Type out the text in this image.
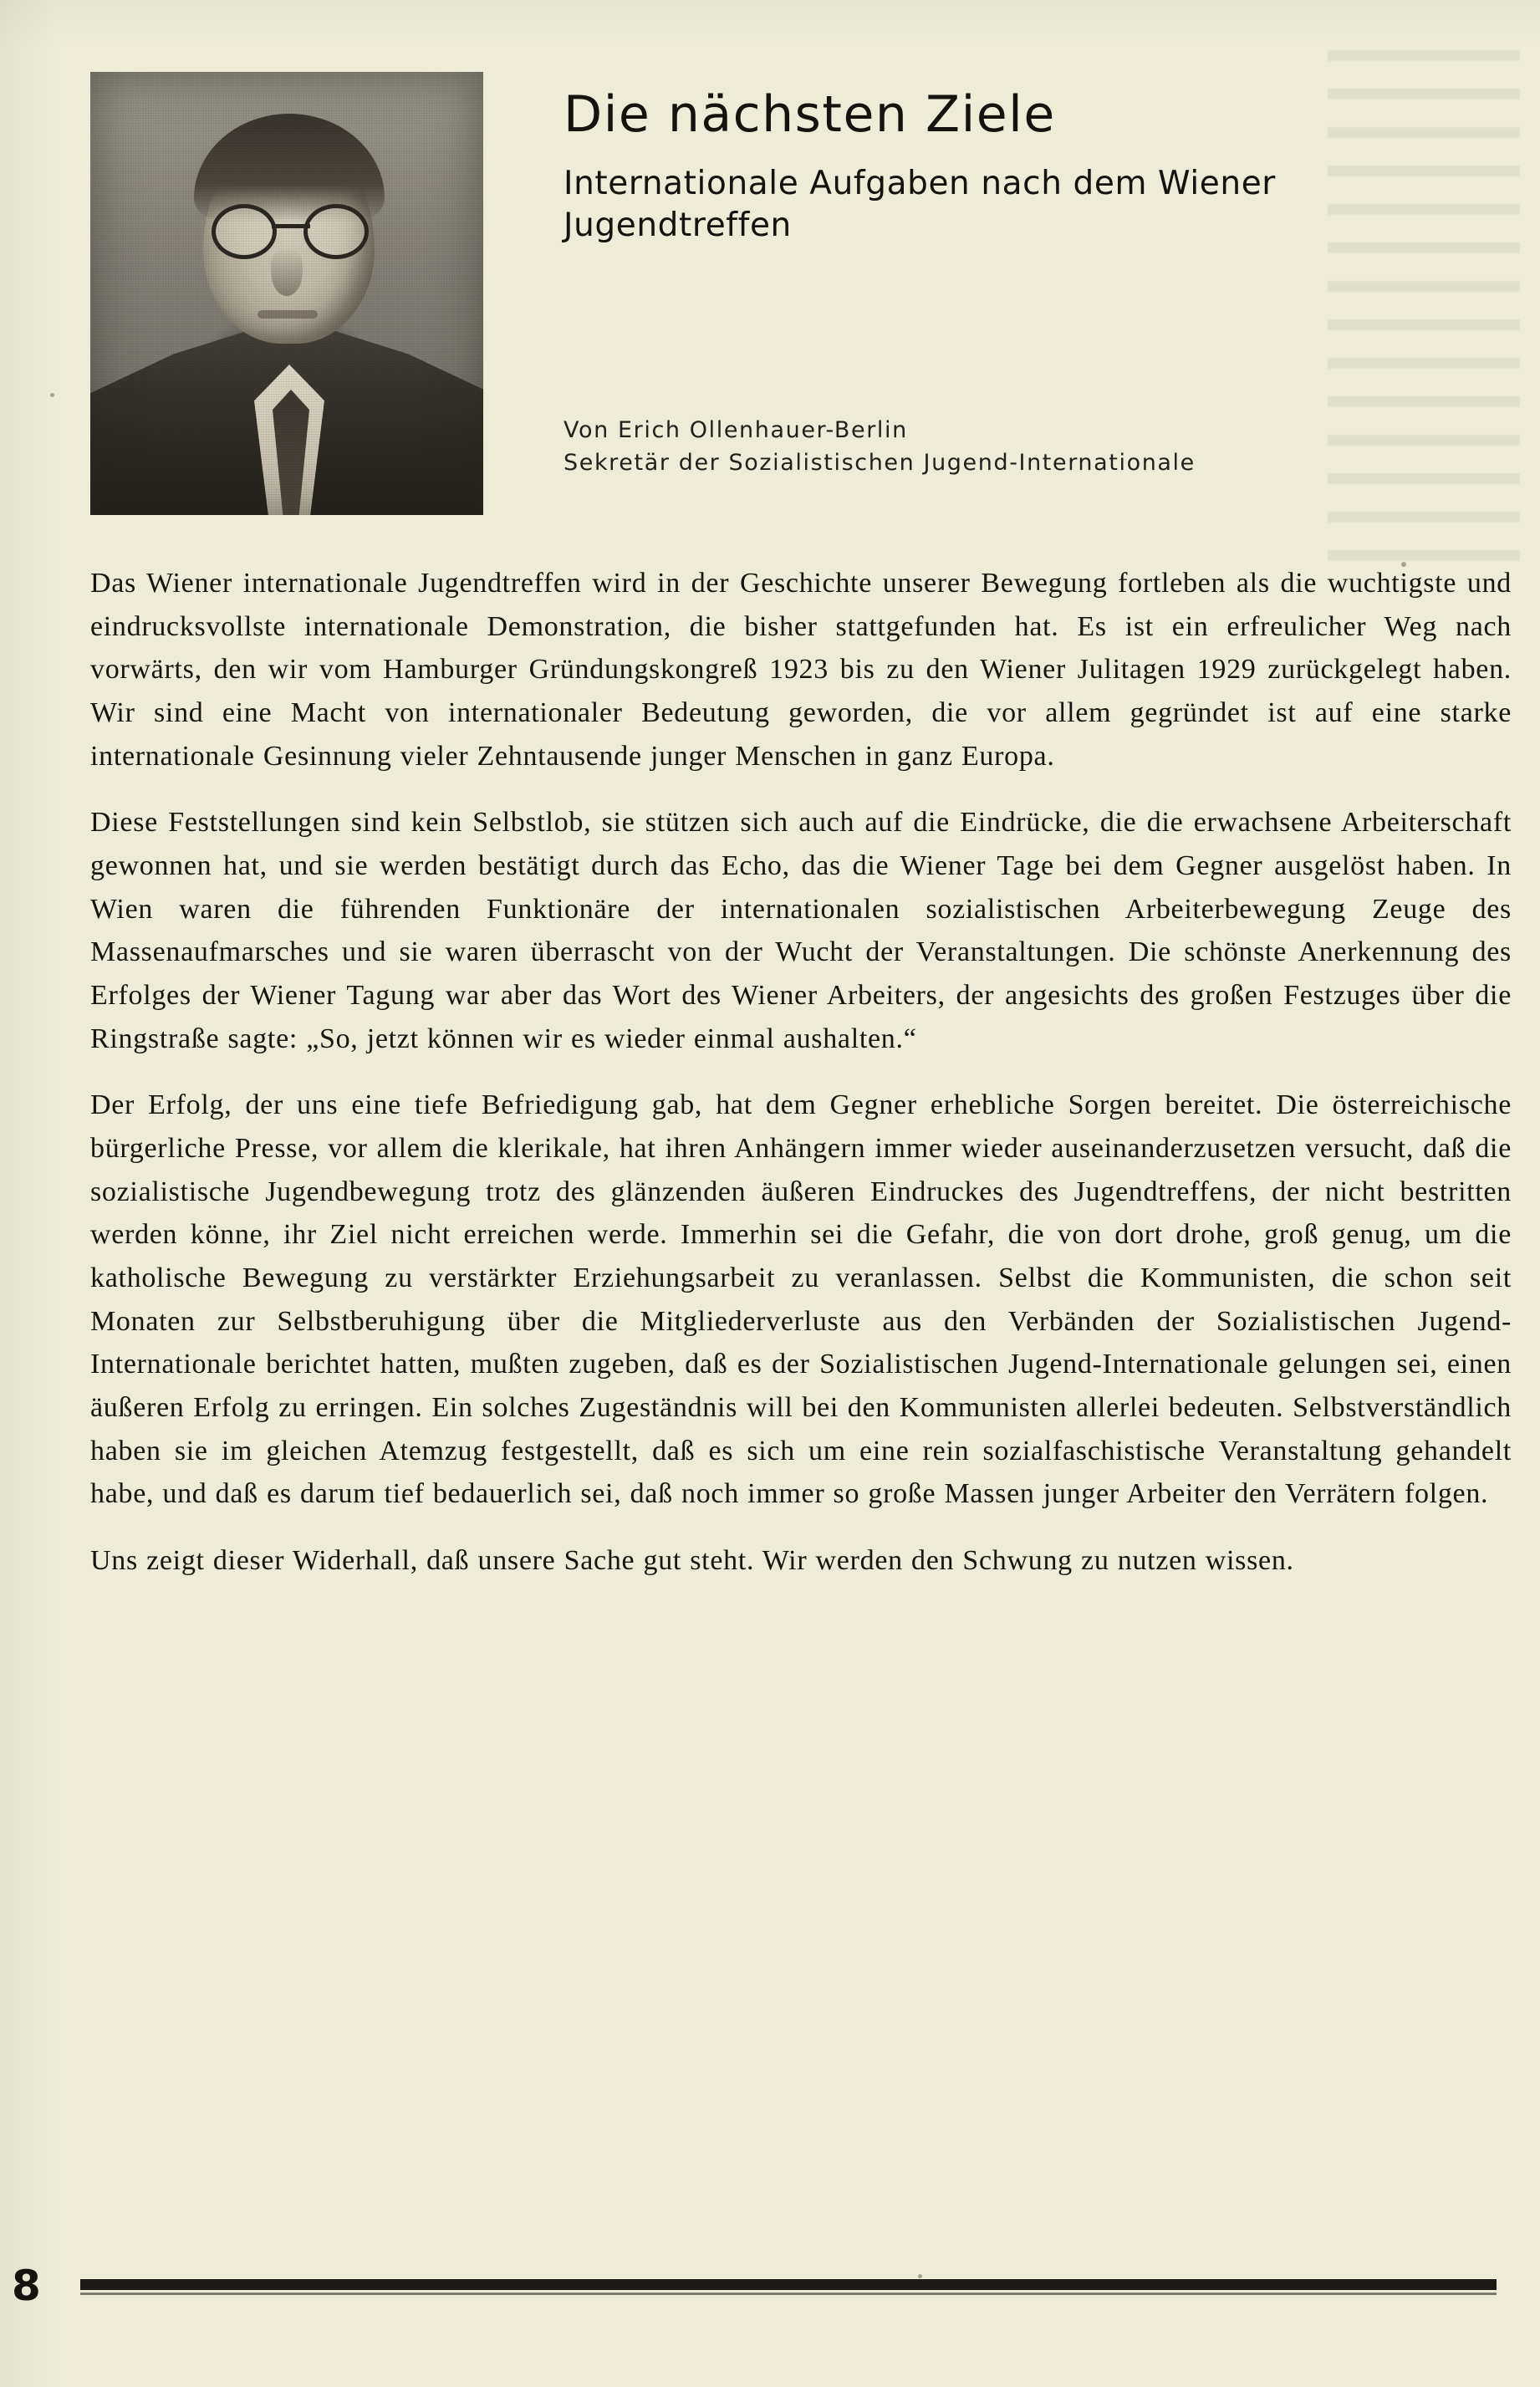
Die nächsten Ziele
Internationale Aufgaben nach dem Wiener Jugendtreffen
Von Erich Ollenhauer-Berlin
Sekretär der Sozialistischen Jugend-Internationale

Das Wiener internationale Jugendtreffen wird in der Geschichte unserer Bewegung fortleben als die wuchtigste und eindrucksvollste internationale Demonstration, die bisher stattgefunden hat. Es ist ein erfreulicher Weg nach vorwärts, den wir vom Hamburger Gründungskongreß 1923 bis zu den Wiener Julitagen 1929 zurückgelegt haben. Wir sind eine Macht von internationaler Bedeutung geworden, die vor allem gegründet ist auf eine starke internationale Gesinnung vieler Zehntausende junger Menschen in ganz Europa.

Diese Feststellungen sind kein Selbstlob, sie stützen sich auch auf die Eindrücke, die die erwachsene Arbeiterschaft gewonnen hat, und sie werden bestätigt durch das Echo, das die Wiener Tage bei dem Gegner ausgelöst haben. In Wien waren die führenden Funktionäre der internationalen sozialistischen Arbeiterbewegung Zeuge des Massenaufmarsches und sie waren überrascht von der Wucht der Veranstaltungen. Die schönste Anerkennung des Erfolges der Wiener Tagung war aber das Wort des Wiener Arbeiters, der angesichts des großen Festzuges über die Ringstraße sagte: „So, jetzt können wir es wieder einmal aushalten.“

Der Erfolg, der uns eine tiefe Befriedigung gab, hat dem Gegner erhebliche Sorgen bereitet. Die österreichische bürgerliche Presse, vor allem die klerikale, hat ihren Anhängern immer wieder auseinanderzusetzen versucht, daß die sozialistische Jugendbewegung trotz des glänzenden äußeren Eindruckes des Jugendtreffens, der nicht bestritten werden könne, ihr Ziel nicht erreichen werde. Immerhin sei die Gefahr, die von dort drohe, groß genug, um die katholische Bewegung zu verstärkter Erziehungsarbeit zu veranlassen. Selbst die Kommunisten, die schon seit Monaten zur Selbstberuhigung über die Mitgliederverluste aus den Verbänden der Sozialistischen Jugend-Internationale berichtet hatten, mußten zugeben, daß es der Sozialistischen Jugend-Internationale gelungen sei, einen äußeren Erfolg zu erringen. Ein solches Zugeständnis will bei den Kommunisten allerlei bedeuten. Selbstverständlich haben sie im gleichen Atemzug festgestellt, daß es sich um eine rein sozialfaschistische Veranstaltung gehandelt habe, und daß es darum tief bedauerlich sei, daß noch immer so große Massen junger Arbeiter den Verrätern folgen.

Uns zeigt dieser Widerhall, daß unsere Sache gut steht. Wir werden den Schwung zu nutzen wissen.

8
